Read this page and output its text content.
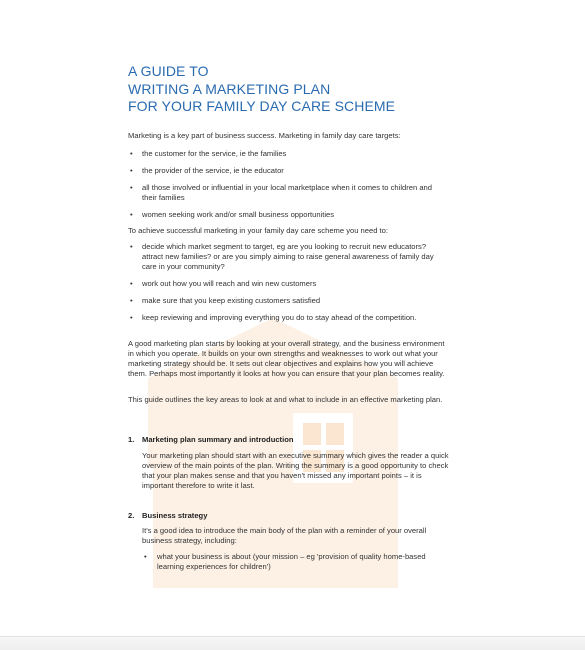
A GUIDE TO
WRITING A MARKETING PLAN
FOR YOUR FAMILY DAY CARE SCHEME
Marketing is a key part of business success. Marketing in family day care targets:
• the customer for the service, ie the families
• the provider of the service, ie the educator
• all those involved or influential in your local marketplace when it comes to children and their families
• women seeking work and/or small business opportunities
To achieve successful marketing in your family day care scheme you need to:
• decide which market segment to target, eg are you looking to recruit new educators? attract new families? or are you simply aiming to raise general awareness of family day care in your community?
• work out how you will reach and win new customers
• make sure that you keep existing customers satisfied
• keep reviewing and improving everything you do to stay ahead of the competition.
A good marketing plan starts by looking at your overall strategy, and the business environment in which you operate. It builds on your own strengths and weaknesses to work out what your marketing strategy should be. It sets out clear objectives and explains how you will achieve them. Perhaps most importantly it looks at how you can ensure that your plan becomes reality.
This guide outlines the key areas to look at and what to include in an effective marketing plan.
1. Marketing plan summary and introduction
Your marketing plan should start with an executive summary which gives the reader a quick overview of the main points of the plan. Writing the summary is a good opportunity to check that your plan makes sense and that you haven't missed any important points – it is important therefore to write it last.
2. Business strategy
It's a good idea to introduce the main body of the plan with a reminder of your overall business strategy, including:
• what your business is about (your mission – eg 'provision of quality home-based learning experiences for children')
